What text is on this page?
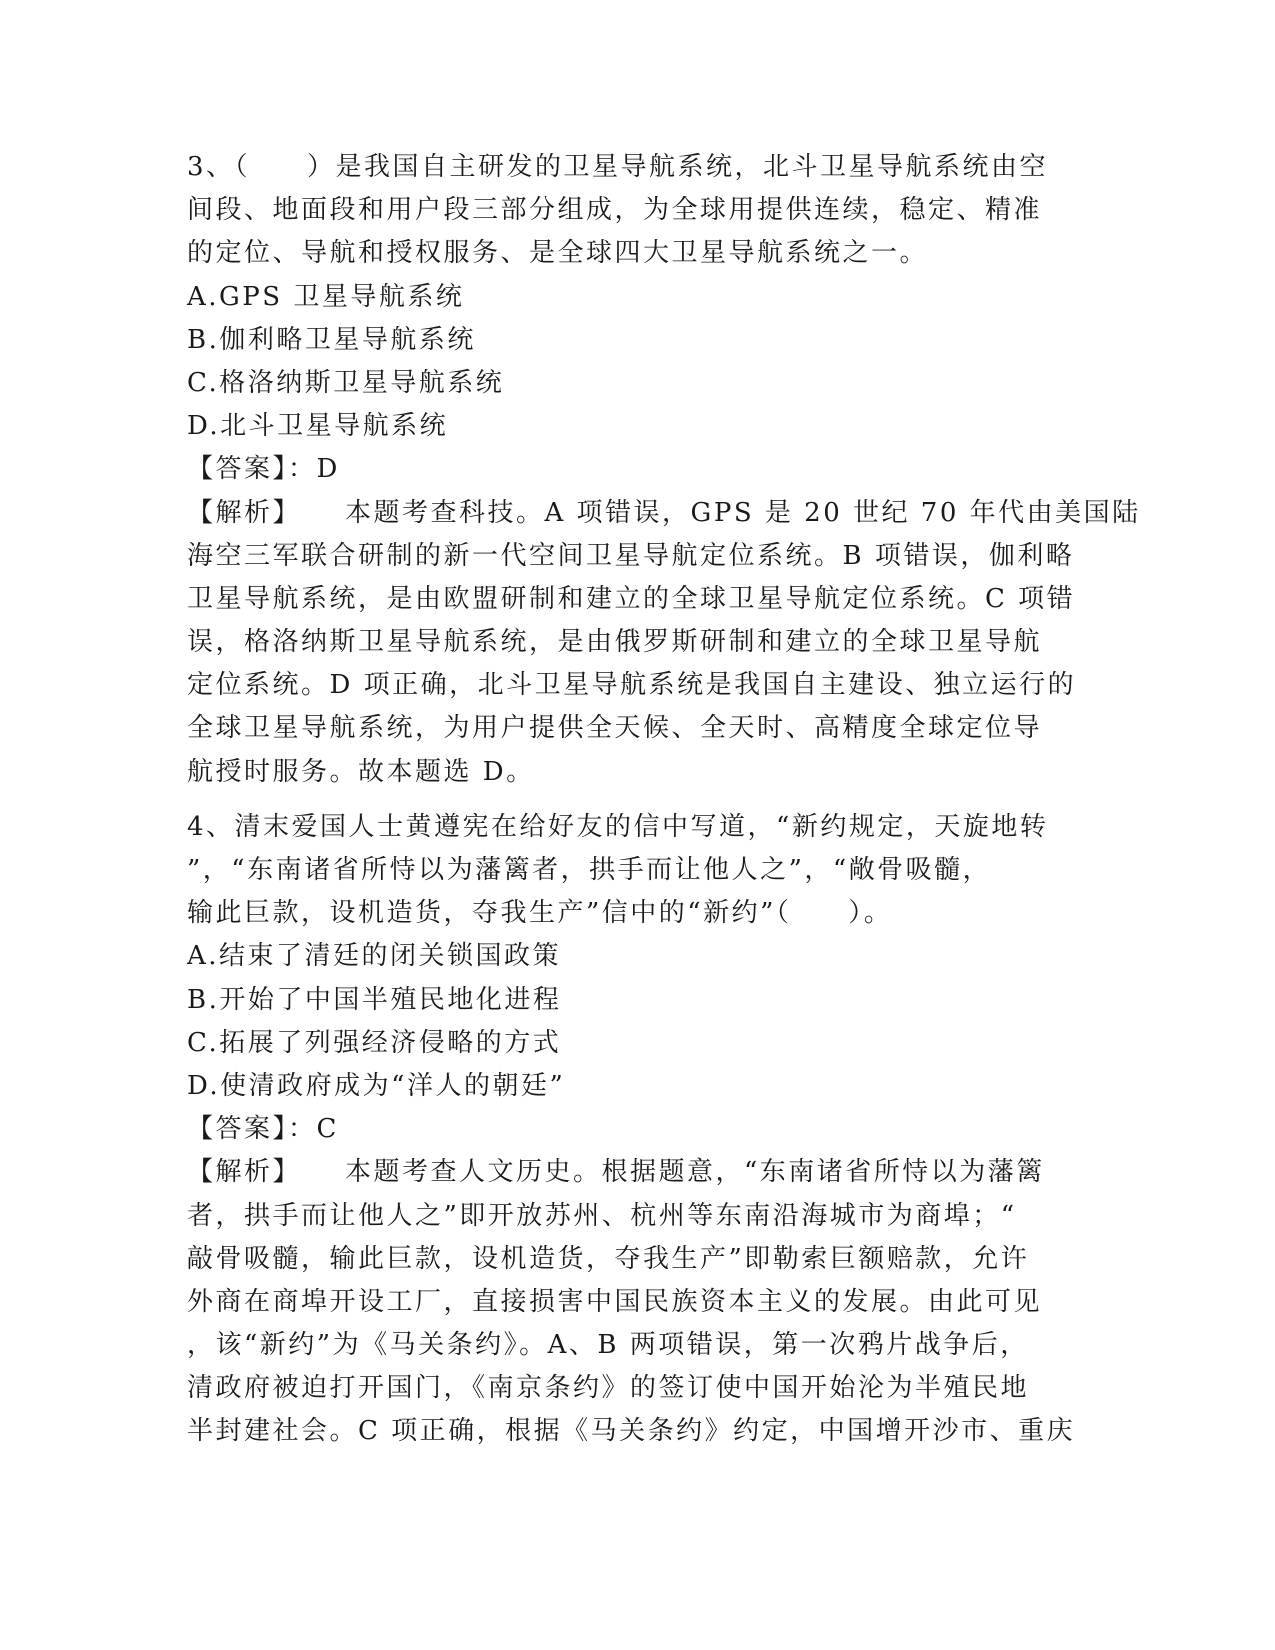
3、（　　）是我国自主研发的卫星导航系统，北斗卫星导航系统由空
间段、地面段和用户段三部分组成，为全球用提供连续，稳定、精准
的定位、导航和授权服务、是全球四大卫星导航系统之一。
A.GPS 卫星导航系统
B.伽利略卫星导航系统
C.格洛纳斯卫星导航系统
D.北斗卫星导航系统
【答案】：D
【解析】 本题考查科技。A 项错误，GPS 是 20 世纪 70 年代由美国陆
海空三军联合研制的新一代空间卫星导航定位系统。B 项错误，伽利略
卫星导航系统，是由欧盟研制和建立的全球卫星导航定位系统。C 项错
误，格洛纳斯卫星导航系统，是由俄罗斯研制和建立的全球卫星导航
定位系统。D 项正确，北斗卫星导航系统是我国自主建设、独立运行的
全球卫星导航系统，为用户提供全天候、全天时、高精度全球定位导
航授时服务。故本题选 D。
4、清末爱国人士黄遵宪在给好友的信中写道，“新约规定，天旋地转
”，“东南诸省所恃以为藩篱者，拱手而让他人之”，“敞骨吸髓，
输此巨款，设机造货，夺我生产”信中的“新约”（　　）。
A.结束了清廷的闭关锁国政策
B.开始了中国半殖民地化进程
C.拓展了列强经济侵略的方式
D.使清政府成为“洋人的朝廷”
【答案】：C
【解析】 本题考查人文历史。根据题意，“东南诸省所恃以为藩篱
者，拱手而让他人之”即开放苏州、杭州等东南沿海城市为商埠；“
敲骨吸髓，输此巨款，设机造货，夺我生产”即勒索巨额赔款，允许
外商在商埠开设工厂，直接损害中国民族资本主义的发展。由此可见
，该“新约”为《马关条约》。A、B 两项错误，第一次鸦片战争后，
清政府被迫打开国门，《南京条约》的签订使中国开始沦为半殖民地
半封建社会。C 项正确，根据《马关条约》约定，中国增开沙市、重庆
